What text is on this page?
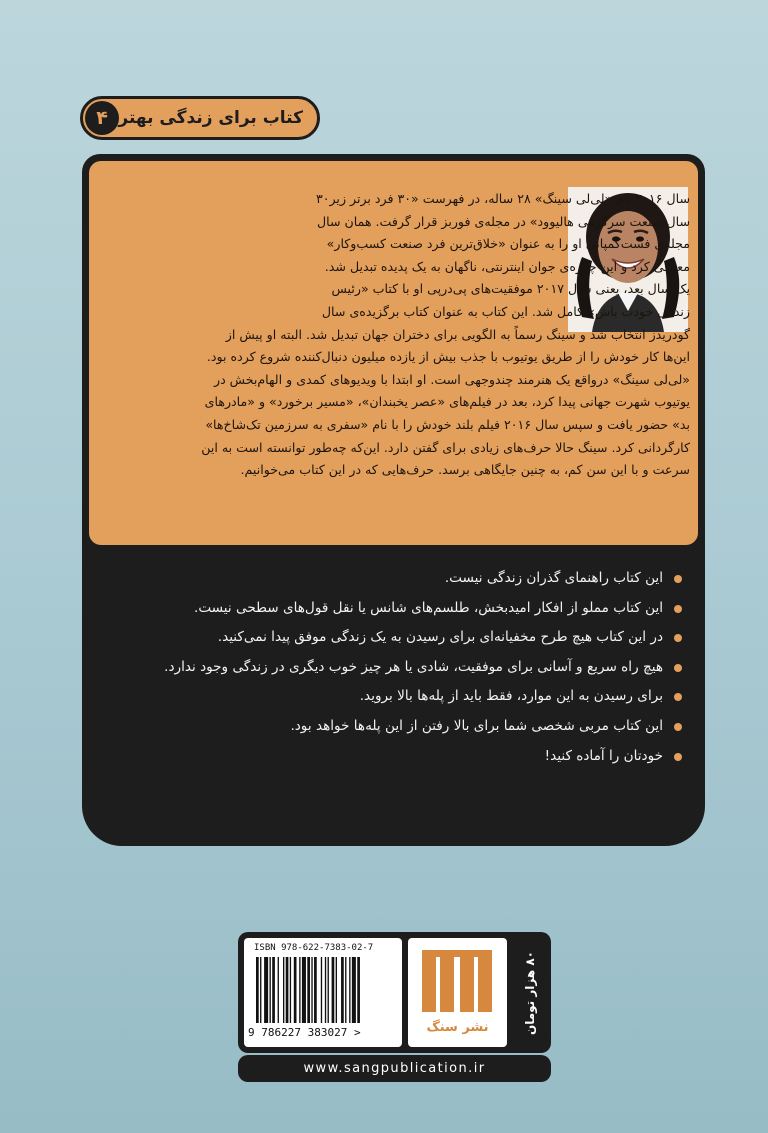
۴ کتاب برای زندگی بهتر
سال ۲۰۱۶ نام «لی‌لی سینگ» ۲۸ ساله، در فهرست «۳۰ فرد برتر زیر۳۰
سال صنعت سرگرمی هالیوود» در مجله‌ی فوربز قرار گرفت. همان سال
مجله‌ی فست‌کمپانی او را به عنوان «خلاق‌ترین فرد صنعت کسب‌وکار»
معرفی کرد و این چهره‌ی جوان اینترنتی، ناگهان به یک پدیده تبدیل شد.
یک سال بعد، یعنی سال ۲۰۱۷ موفقیت‌های پی‌درپی او با کتاب «رئیس
زندگی خودت باش» کامل شد. این کتاب به عنوان کتاب برگزیده‌ی سال
گودریدز انتخاب شد و سینگ رسماً به الگویی برای دختران جهان تبدیل شد. البته او پیش از
این‌ها کار خودش را از طریق یوتیوب با جذب بیش از یازده میلیون دنبال‌کننده شروع کرده بود.
«لی‌لی سینگ» درواقع یک هنرمند چندوجهی است. او ابتدا با ویدیوهای کمدی و الهام‌بخش در
یوتیوب شهرت جهانی پیدا کرد، بعد در فیلم‌های «عصر یخبندان»، «مسیر برخورد» و «مادرهای
بد» حضور یافت و سپس سال ۲۰۱۶ فیلم بلند خودش را با نام «سفری به سرزمین تک‌شاخ‌ها»
کارگردانی کرد. سینگ حالا حرف‌های زیادی برای گفتن دارد. این‌که چه‌طور توانسته است به این
سرعت و با این سن کم، به چنین جایگاهی برسد. حرف‌هایی که در این کتاب می‌خوانیم.
این کتاب راهنمای گذران زندگی نیست.
این کتاب مملو از افکار امیدبخش، طلسم‌های شانس یا نقل قول‌های سطحی نیست.
در این کتاب هیچ طرح مخفیانه‌ای برای رسیدن به یک زندگی موفق پیدا نمی‌کنید.
هیچ راه سریع و آسانی برای موفقیت، شادی یا هر چیز خوب دیگری در زندگی وجود ندارد.
برای رسیدن به این موارد، فقط باید از پله‌ها بالا بروید.
این کتاب مربی شخصی شما برای بالا رفتن از این پله‌ها خواهد بود.
خودتان را آماده کنید!
ISBN 978-622-7383-02-7
9 786227 383027 >	نشر سنگ	۸۰ هزار تومان
www.sangpublication.ir
